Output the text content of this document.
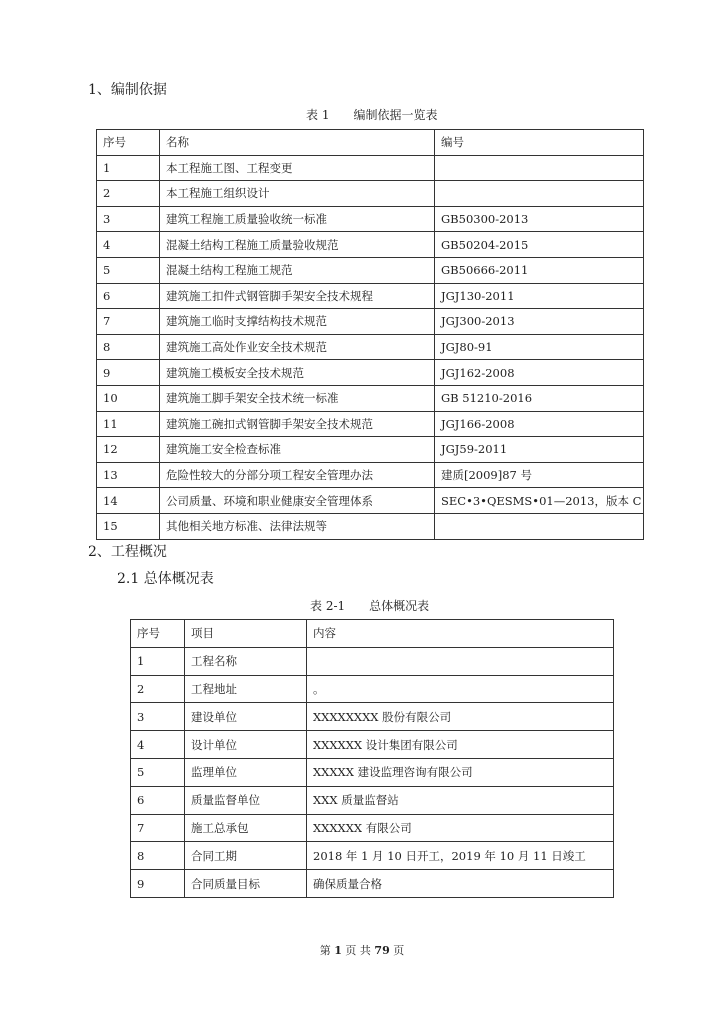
1、编制依据
表 1　　编制依据一览表
序号	名称	编号
1	本工程施工图、工程变更	
2	本工程施工组织设计	
3	建筑工程施工质量验收统一标准	GB50300-2013
4	混凝土结构工程施工质量验收规范	GB50204-2015
5	混凝土结构工程施工规范	GB50666-2011
6	建筑施工扣件式钢管脚手架安全技术规程	JGJ130-2011
7	建筑施工临时支撑结构技术规范	JGJ300-2013
8	建筑施工高处作业安全技术规范	JGJ80-91
9	建筑施工模板安全技术规范	JGJ162-2008
10	建筑施工脚手架安全技术统一标准	GB 51210-2016
11	建筑施工碗扣式钢管脚手架安全技术规范	JGJ166-2008
12	建筑施工安全检查标准	JGJ59-2011
13	危险性较大的分部分项工程安全管理办法	建质[2009]87 号
14	公司质量、环境和职业健康安全管理体系	SEC•3•QESMS•01—2013，版本 C
15	其他相关地方标准、法律法规等	
2、工程概况
2.1 总体概况表
表 2-1　　总体概况表
序号	项目	内容
1	工程名称	
2	工程地址	。
3	建设单位	XXXXXXXX 股份有限公司
4	设计单位	XXXXXX 设计集团有限公司
5	监理单位	XXXXX 建设监理咨询有限公司
6	质量监督单位	XXX 质量监督站
7	施工总承包	XXXXXX 有限公司
8	合同工期	2018 年 1 月 10 日开工，2019 年 10 月 11 日竣工
9	合同质量目标	确保质量合格
第 1 页 共 79 页
